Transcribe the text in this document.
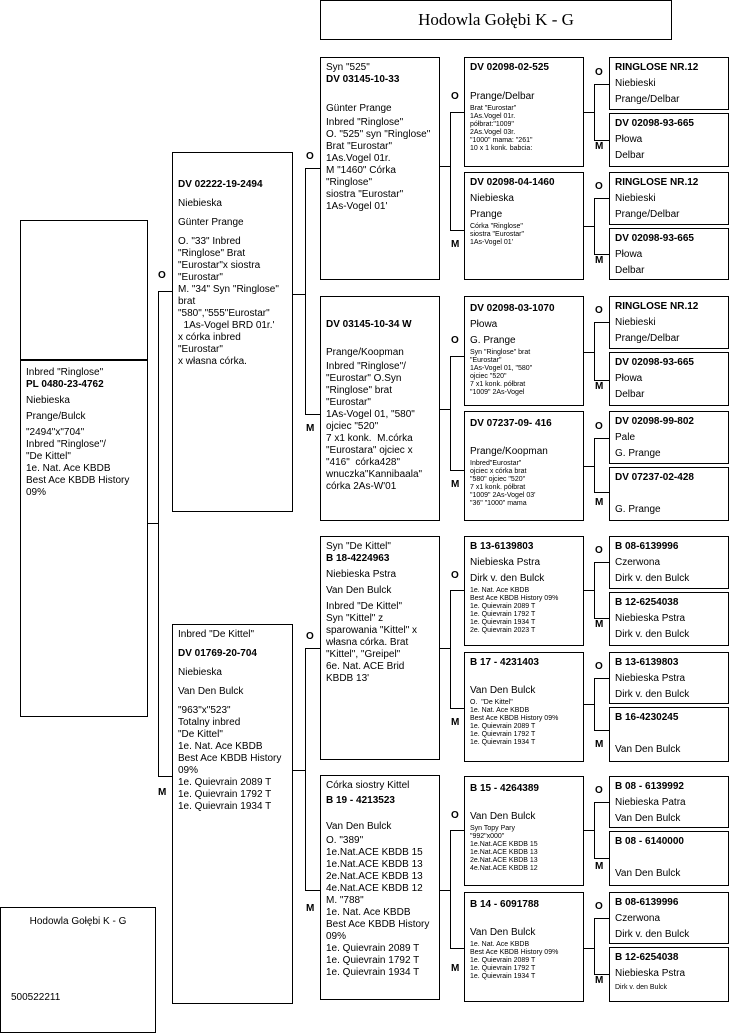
Hodowla Gołębi K - G
O
M
O
M
O
M
O
M
O
M
O
M
O
M
O
M
O
M
O
M
O
M
O
M
O
M
O
M
O
M

Inbred "Ringlose"

PL 0480-23-4762

Niebieska

Prange/Bulck

"2494"x"704"
Inbred "Ringlose"/
"De Kittel"
1e. Nat. Ace KBDB
Best Ace KBDB History
09%

DV 02222-19-2494

Niebieska

Günter Prange

O. "33" Inbred
"Ringlose" Brat
"Eurostar"x siostra
"Eurostar"
M. "34" Syn "Ringlose"
brat
"580","555"Eurostar"
1As-Vogel BRD 01r.'
x córka inbred
"Eurostar"
x własna córka.

Inbred "De Kittel"

DV 01769-20-704

Niebieska

Van Den Bulck

"963"x"523"
Totalny inbred
"De Kittel"
1e. Nat. Ace KBDB
Best Ace KBDB History
09%
1e. Quievrain 2089 T
1e. Quievrain 1792 T
1e. Quievrain 1934 T

Syn "525"

DV 03145-10-33

Günter Prange

Inbred "Ringlose"
O. "525" syn "Ringlose"
Brat "Eurostar"
1As.Vogel 01r.
M "1460" Córka
"Ringlose"
siostra "Eurostar"
1As-Vogel 01'

DV 03145-10-34 W

Prange/Koopman

Inbred "Ringlose"/
"Eurostar" O.Syn
"Ringlose" brat
"Eurostar"
1As-Vogel 01, "580"
ojciec "520"
7 x1 konk.  M.córka
"Eurostara" ojciec x
"416"  córka428"
wnuczka"Kannibaala"
córka 2As-W'01

Syn "De Kittel"

B 18-4224963

Niebieska Pstra

Van Den Bulck

Inbred "De Kittel"
Syn "Kittel" z
sparowania "Kittel" x
własna córka. Brat
"Kittel", "Greipel"
6e. Nat. ACE Brid
KBDB 13'

Córka siostry Kittel

B 19 - 4213523

Van Den Bulck

O. "389"
1e.Nat.ACE KBDB 15
1e.Nat.ACE KBDB 13
2e.Nat.ACE KBDB 13
4e.Nat.ACE KBDB 12
M. "788"
1e. Nat. Ace KBDB
Best Ace KBDB History
09%
1e. Quievrain 2089 T
1e. Quievrain 1792 T
1e. Quievrain 1934 T

DV 02098-02-525

Prange/Delbar

Brat "Eurostar"
1As.Vogel 01r.
półbrat:"1009"
2As.Vogel 03r.
"1000" mama: "261"
10 x 1 konk. babcia:

DV 02098-04-1460

Niebieska

Prange

Córka "Ringlose"
siostra "Eurostar"
1As-Vogel 01'

DV 02098-03-1070

Płowa

G. Prange

Syn "Ringlose" brat
"Eurostar"
1As-Vogel 01, "580"
ojciec "520"
7 x1 konk. półbrat
"1009" 2As-Vogel

DV 07237-09- 416

Prange/Koopman

Inbred"Eurostar"
ojciec x córka brat
"580" ojciec "520"
7 x1 konk. półbrat
"1009" 2As-Vogel 03'
"36" "1000" mama

B 13-6139803

Niebieska Pstra

Dirk v. den Bulck

1e. Nat. Ace KBDB
Best Ace KBDB History 09%
1e. Quievrain 2089 T
1e. Quievrain 1792 T
1e. Quievrain 1934 T
2e. Quievrain 2023 T

B 17 - 4231403

Van Den Bulck

O.  "De Kittel"
1e. Nat. Ace KBDB
Best Ace KBDB History 09%
1e. Quievrain 2089 T
1e. Quievrain 1792 T
1e. Quievrain 1934 T

B 15 - 4264389

Van Den Bulck

Syn Topy Pary
"992"x000"
1e.Nat.ACE KBDB 15
1e.Nat.ACE KBDB 13
2e.Nat.ACE KBDB 13
4e.Nat.ACE KBDB 12

B 14 - 6091788

Van Den Bulck

1e. Nat. Ace KBDB
Best Ace KBDB History 09%
1e. Quievrain 2089 T
1e. Quievrain 1792 T
1e. Quievrain 1934 T

RINGLOSE NR.12

Niebieski

Prange/Delbar

DV 02098-93-665

Płowa

Delbar

RINGLOSE NR.12

Niebieski

Prange/Delbar

DV 02098-93-665

Płowa

Delbar

RINGLOSE NR.12

Niebieski

Prange/Delbar

DV 02098-93-665

Płowa

Delbar

DV 02098-99-802

Pale

G. Prange

DV 07237-02-428

G. Prange

B 08-6139996

Czerwona

Dirk v. den Bulck

B 12-6254038

Niebieska Pstra

Dirk v. den Bulck

B 13-6139803

Niebieska Pstra

Dirk v. den Bulck

B 16-4230245

Van Den Bulck

B 08 - 6139992

Niebieska Patra

Van Den Bulck

B 08 - 6140000

Van Den Bulck

B 08-6139996

Czerwona

Dirk v. den Bulck

B 12-6254038

Niebieska Pstra

Dirk v. den Bulck

Hodowla Gołębi K - G
500522211
